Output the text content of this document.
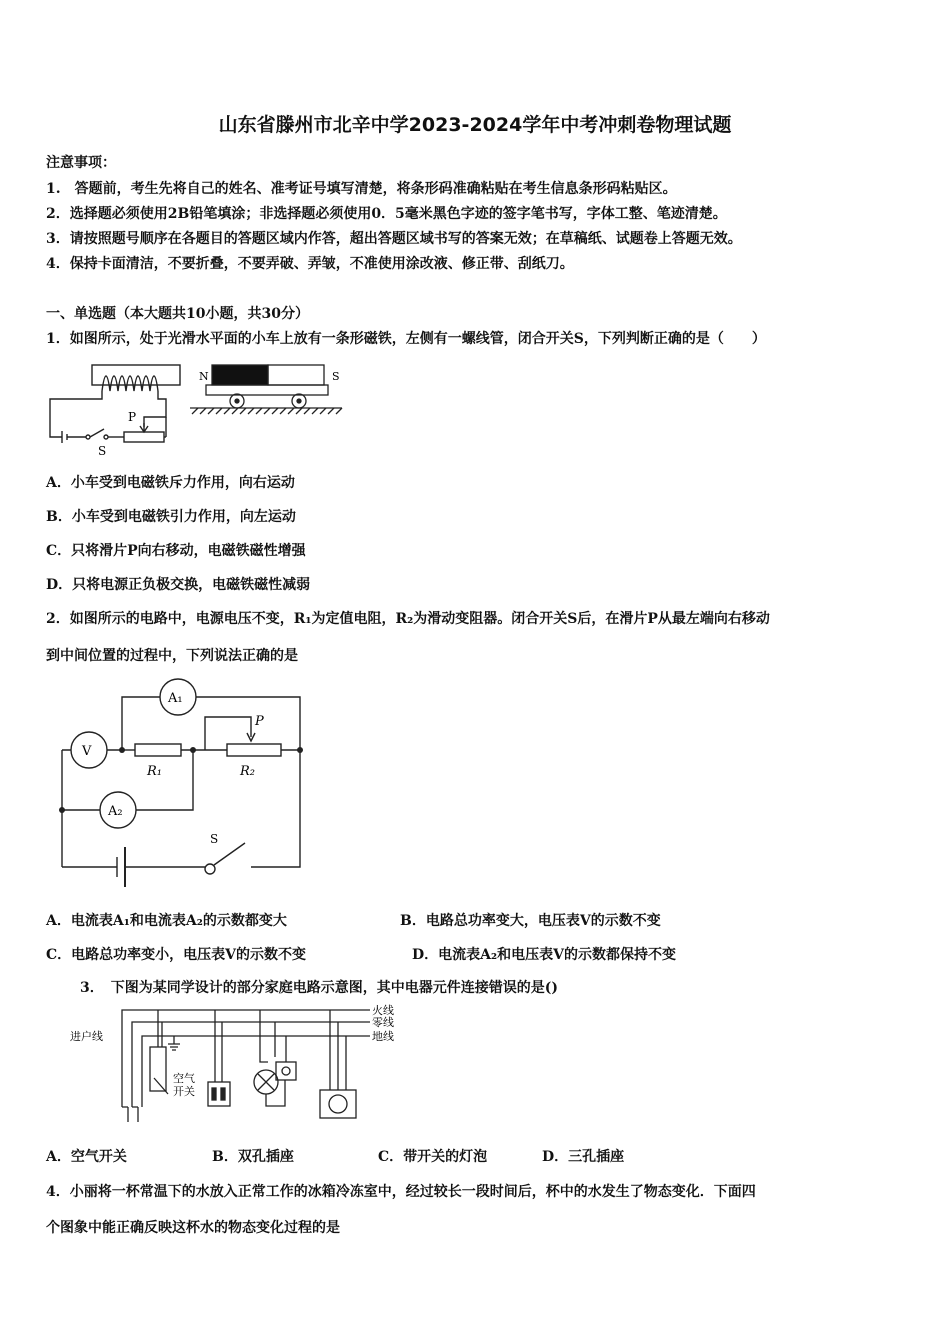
山东省滕州市北辛中学2023-2024学年中考冲刺卷物理试题
注意事项：
1.　答题前，考生先将自己的姓名、准考证号填写清楚，将条形码准确粘贴在考生信息条形码粘贴区。
2．选择题必须使用2B铅笔填涂；非选择题必须使用0．5毫米黑色字迹的签字笔书写，字体工整、笔迹清楚。
3．请按照题号顺序在各题目的答题区域内作答，超出答题区域书写的答案无效；在草稿纸、试题卷上答题无效。
4．保持卡面清洁，不要折叠，不要弄破、弄皱，不准使用涂改液、修正带、刮纸刀。
一、单选题（本大题共10小题，共30分）
1．如图所示，处于光滑水平面的小车上放有一条形磁铁，左侧有一螺线管，闭合开关S，下列判断正确的是（　　）
P
S
N	S
A．小车受到电磁铁斥力作用，向右运动
B．小车受到电磁铁引力作用，向左运动
C．只将滑片P向右移动，电磁铁磁性增强
D．只将电源正负极交换，电磁铁磁性减弱
2．如图所示的电路中，电源电压不变，R₁为定值电阻，R₂为滑动变阻器。闭合开关S后，在滑片P从最左端向右移动
到中间位置的过程中，下列说法正确的是
A₁
V
A₂
P
R₁	R₂
S
A．电流表A₁和电流表A₂的示数都变大	B．电路总功率变大，电压表V的示数不变
C．电路总功率变小，电压表V的示数不变	D．电流表A₂和电压表V的示数都保持不变
3．　下图为某同学设计的部分家庭电路示意图，其中电器元件连接错误的是()
火线
零线
地线
进户线
空气
开关
A．空气开关	B．双孔插座	C．带开关的灯泡	D．三孔插座
4．小丽将一杯常温下的水放入正常工作的冰箱冷冻室中，经过较长一段时间后，杯中的水发生了物态变化．下面四
个图象中能正确反映这杯水的物态变化过程的是
